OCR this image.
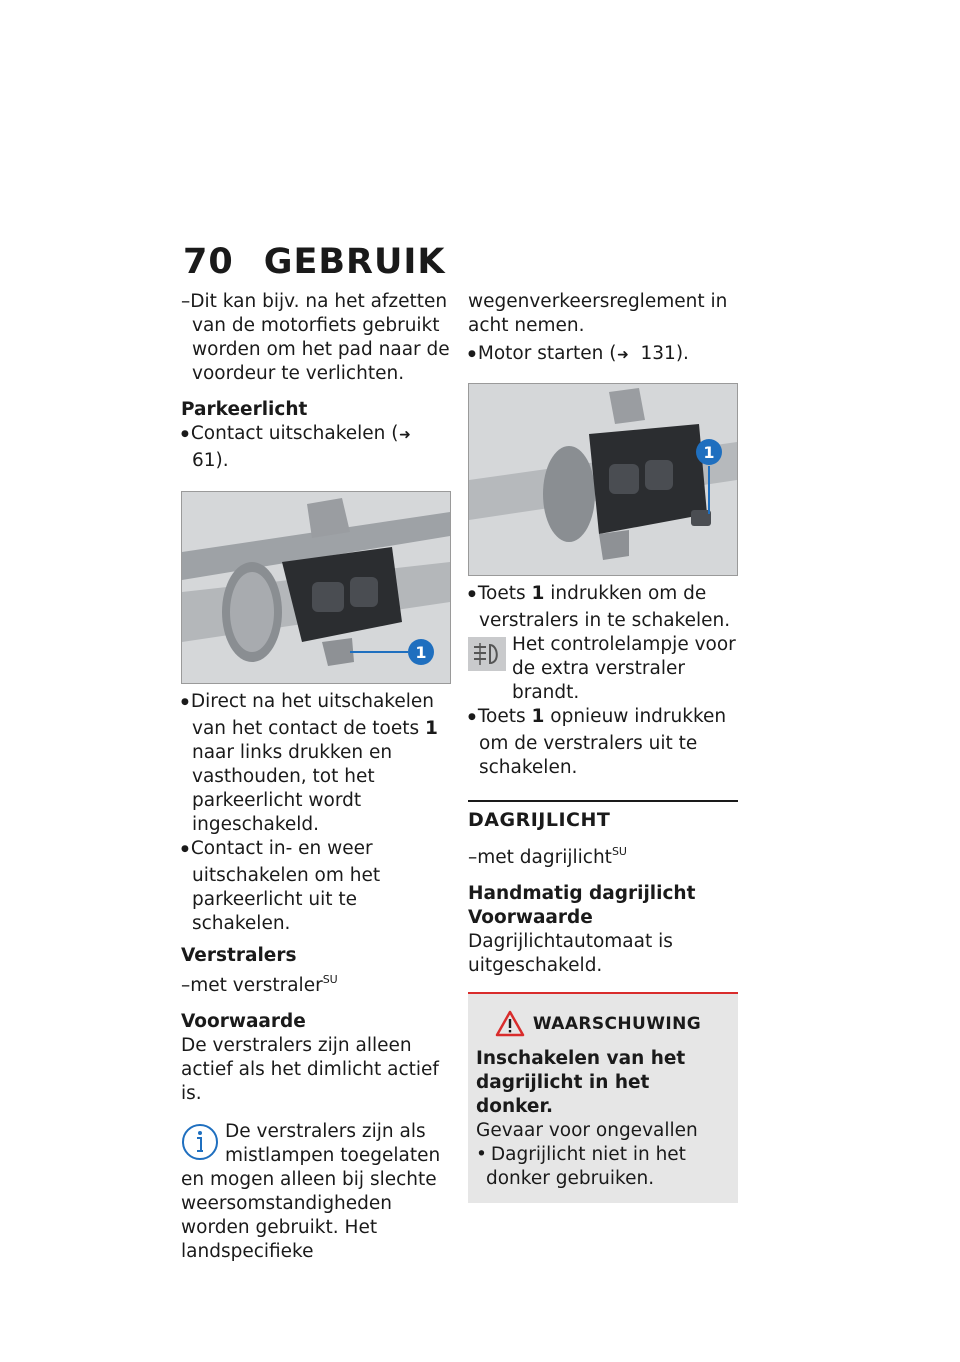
70 GEBRUIK

– Dit kan bijv. na het afzetten van de motorfiets gebruikt worden om het pad naar de voordeur te verlichten.

Parkeerlicht

● Contact uitschakelen (➜61).

1

● Direct na het uitschakelen van het contact de toets 1 naar links drukken en vasthouden, tot het parkeerlicht wordt ingeschakeld.

● Contact in- en weer uitschakelen om het parkeerlicht uit te schakelen.

Verstralers

– met verstraler$^{SU}$

Voorwaarde

De verstralers zijn alleen actief als het dimlicht actief is.

De verstralers zijn als mistlampen toegelaten

en mogen alleen bij slechte weersomstandigheden worden gebruikt. Het landspecifieke

wegenverkeersreglement in acht nemen.

● Motor starten (➜ 131).

1

● Toets 1 indrukken om de verstralers in te schakelen.

Het controlelampje voor de extra verstraler brandt.

● Toets 1 opnieuw indrukken om de verstralers uit te schakelen.

DAGRIJLICHT

– met dagrijlicht$^{SU}$

Handmatig dagrijlicht

Voorwaarde

Dagrijlichtautomaat is uitgeschakeld.

WAARSCHUWING

Inschakelen van het dagrijlicht in het donker.

Gevaar voor ongevallen

• Dagrijlicht niet in het donker gebruiken.
